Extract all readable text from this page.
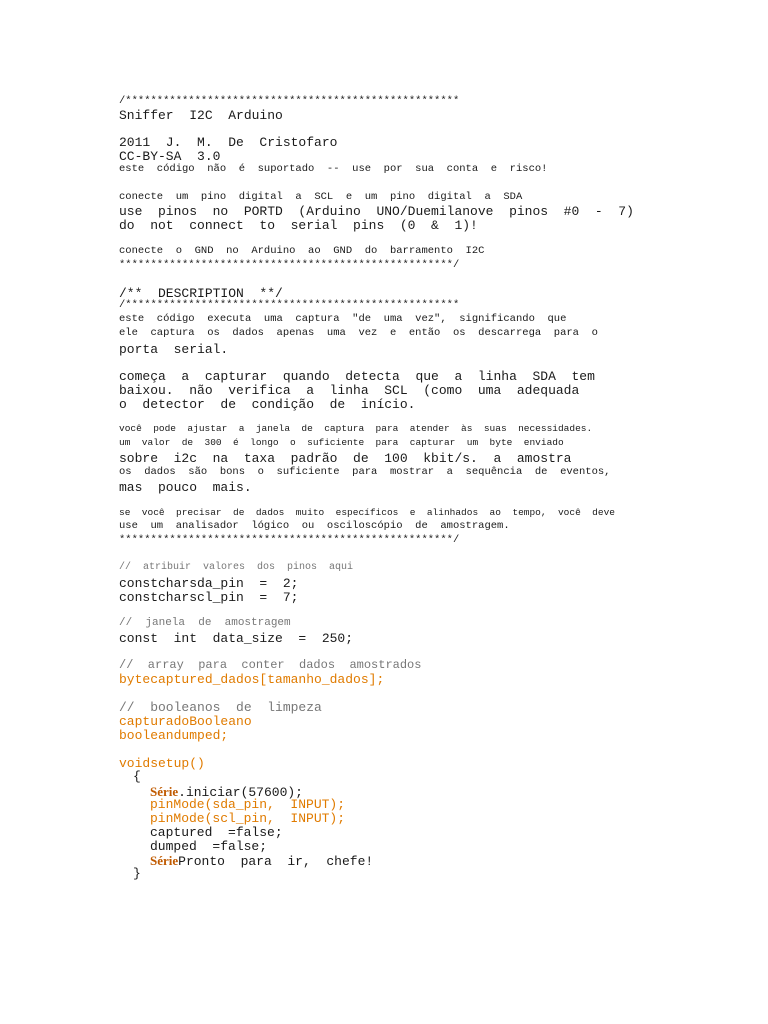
/*****************************************************
Sniffer  I2C  Arduino
2011  J.  M.  De  Cristofaro
CC-BY-SA  3.0
este  código  não  é  suportado  --  use  por  sua  conta  e  risco!
conecte  um  pino  digital  a  SCL  e  um  pino  digital  a  SDA
use  pinos  no  PORTD  (Arduino  UNO/Duemilanove  pinos  #0  -  7)
do  not  connect  to  serial  pins  (0  &  1)!
conecte  o  GND  no  Arduino  ao  GND  do  barramento  I2C
*****************************************************/
/**  DESCRIPTION  **/
/*****************************************************
este  código  executa  uma  captura  "de  uma  vez",  significando  que
ele  captura  os  dados  apenas  uma  vez  e  então  os  descarrega  para  o
porta  serial.
começa  a  capturar  quando  detecta  que  a  linha  SDA  tem
baixou.  não  verifica  a  linha  SCL  (como  uma  adequada
o  detector  de  condição  de  início.
você  pode  ajustar  a  janela  de  captura  para  atender  às  suas  necessidades.
um  valor  de  300  é  longo  o  suficiente  para  capturar  um  byte  enviado
sobre  i2c  na  taxa  padrão  de  100  kbit/s.  a  amostra
os  dados  são  bons  o  suficiente  para  mostrar  a  sequência  de  eventos,
mas  pouco  mais.
se  você  precisar  de  dados  muito  específicos  e  alinhados  ao  tempo,  você  deve
use  um  analisador  lógico  ou  osciloscópio  de  amostragem.
*****************************************************/
//  atribuir  valores  dos  pinos  aqui
constcharsda_pin  =  2;
constcharscl_pin  =  7;
//  janela  de  amostragem
const  int  data_size  =  250;
//  array  para  conter  dados  amostrados
bytecaptured_dados[tamanho_dados];
//  booleanos  de  limpeza
capturadoBooleano
booleandumped;
voidsetup()
{
Série.iniciar(57600);
pinMode(sda_pin,  INPUT);
pinMode(scl_pin,  INPUT);
captured  =false;
dumped  =false;
SériePronto  para  ir,  chefe!
}
